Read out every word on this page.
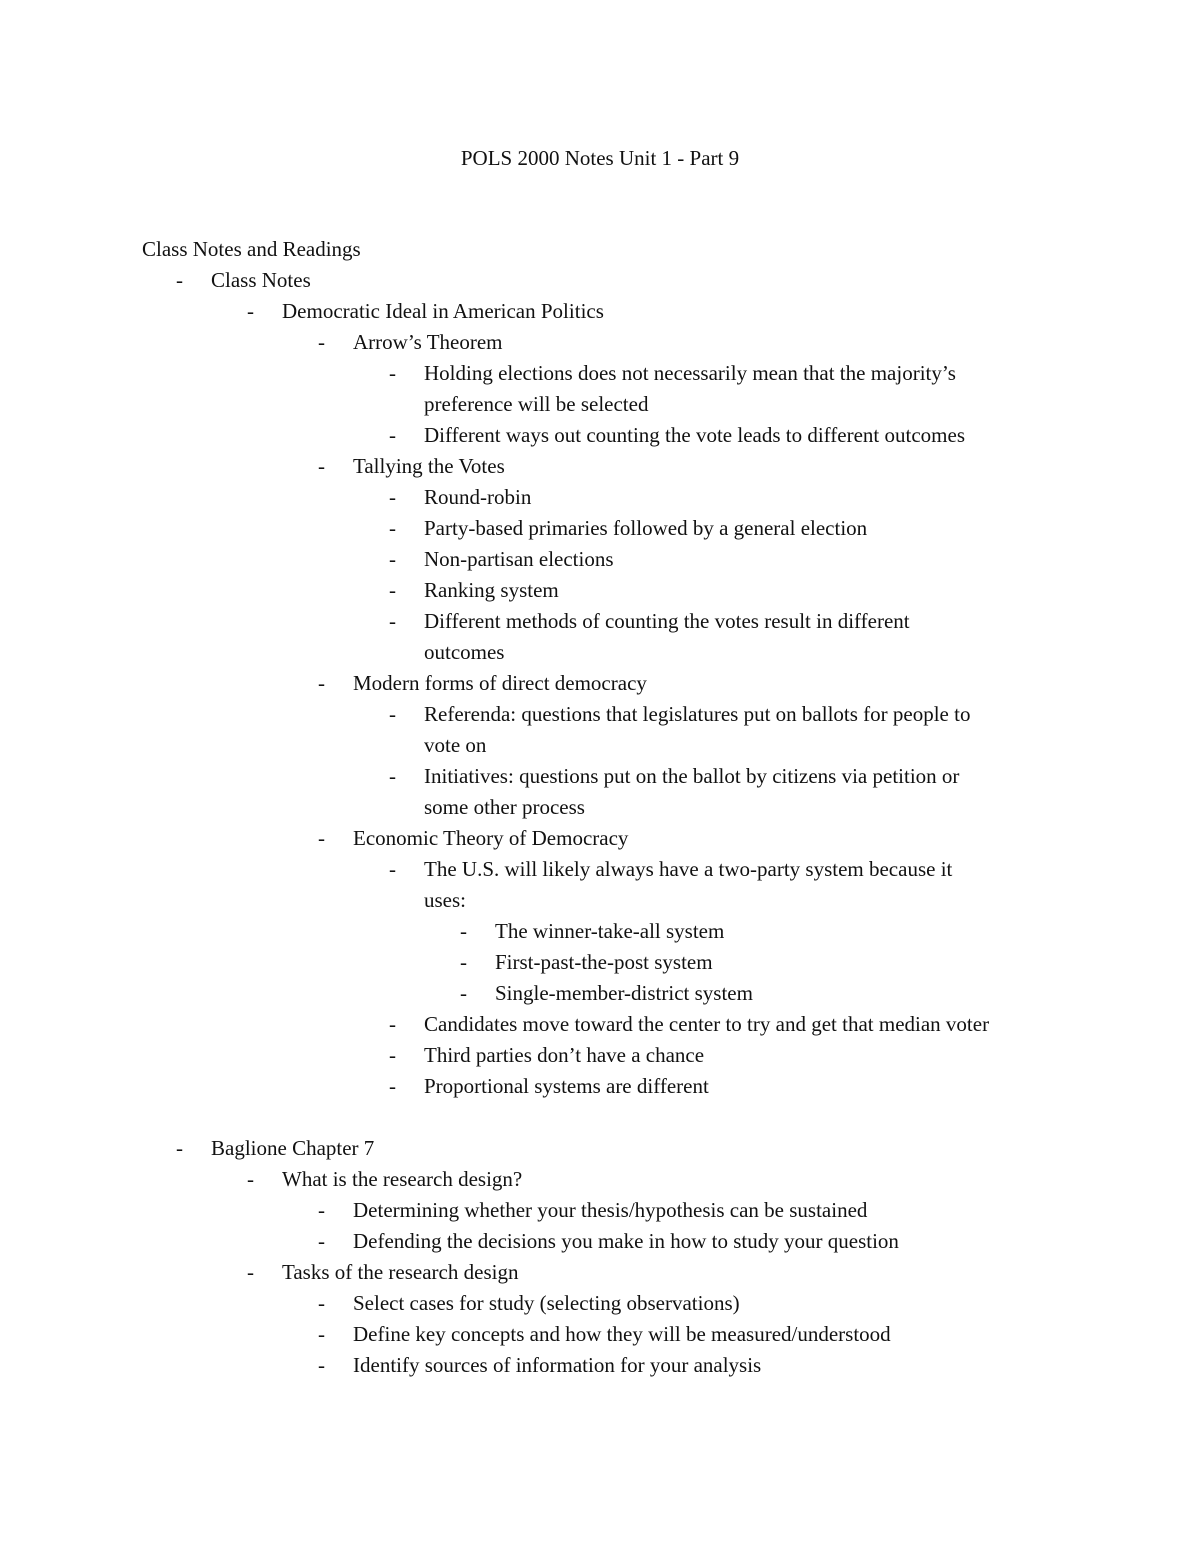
POLS 2000 Notes Unit 1 - Part 9
Class Notes and Readings
- Class Notes
- Democratic Ideal in American Politics
- Arrow’s Theorem
- Holding elections does not necessarily mean that the majority’s
preference will be selected
- Different ways out counting the vote leads to different outcomes
- Tallying the Votes
- Round-robin
- Party-based primaries followed by a general election
- Non-partisan elections
- Ranking system
- Different methods of counting the votes result in different
outcomes
- Modern forms of direct democracy
- Referenda: questions that legislatures put on ballots for people to
vote on
- Initiatives: questions put on the ballot by citizens via petition or
some other process
- Economic Theory of Democracy
- The U.S. will likely always have a two-party system because it
uses:
- The winner-take-all system
- First-past-the-post system
- Single-member-district system
- Candidates move toward the center to try and get that median voter
- Third parties don’t have a chance
- Proportional systems are different
- Baglione Chapter 7
- What is the research design?
- Determining whether your thesis/hypothesis can be sustained
- Defending the decisions you make in how to study your question
- Tasks of the research design
- Select cases for study (selecting observations)
- Define key concepts and how they will be measured/understood
- Identify sources of information for your analysis
